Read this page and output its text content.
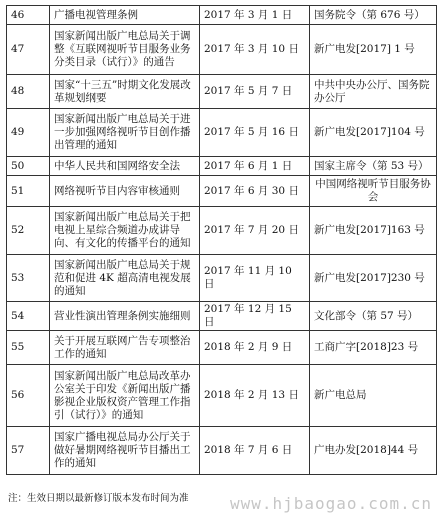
46	广播电视管理条例	2017 年 3 月 1 日	国务院令（第 676 号）
47	国家新闻出版广电总局关于调整《互联网视听节目服务业务分类目录（试行）》的通告	2017 年 3 月 10 日	新广电发[2017] 1 号
48	国家“十三五”时期文化发展改革规划纲要	2017 年 5 月 7 日	中共中央办公厅、国务院办公厅
49	国家新闻出版广电总局关于进一步加强网络视听节目创作播出管理的通知	2017 年 5 月 16 日	新广电发[2017]104 号
50	中华人民共和国网络安全法	2017 年 6 月 1 日	国家主席令（第 53 号）
51	网络视听节目内容审核通则	2017 年 6 月 30 日	中国网络视听节目服务协会
52	国家新闻出版广电总局关于把电视上星综合频道办成讲导向、有文化的传播平台的通知	2017 年 7 月 20 日	新广电发[2017]163 号
53	国家新闻出版广电总局关于规范和促进 4K 超高清电视发展的通知	2017 年 11 月 10 日	新广电发[2017]230 号
54	营业性演出管理条例实施细则	2017 年 12 月 15 日	文化部令（第 57 号）
55	关于开展互联网广告专项整治工作的通知	2018 年 2 月 9 日	工商广字[2018]23 号
56	国家新闻出版广电总局改革办公室关于印发《新闻出版广播影视企业版权资产管理工作指引（试行）》的通知	2018 年 2 月 13 日	新广电总局
57	国家广播电视总局办公厅关于做好暑期网络视听节目播出工作的通知	2018 年 7 月 6 日	广电办发[2018]44 号
注：生效日期以最新修订版本发布时间为准	www.hjbaogao.com.cn
